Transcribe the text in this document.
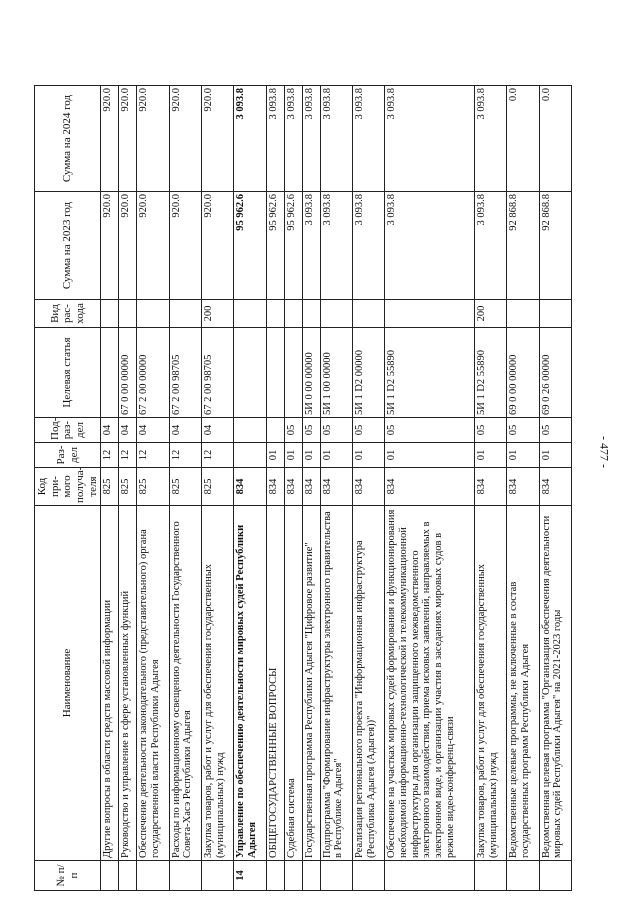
- 477 -
№ п/п	Наименование	Код при-мого получа-теля	Раз-дел	Под-раз-дел	Целевая статья	Вид рас-хода	Сумма на 2023 год	Сумма на 2024 год
	Другие вопросы в области средств массовой информации	825	12	04			920.0	920.0
	Руководство и управление в сфере установленных функций	825	12	04	67 0 00 00000		920.0	920.0
	Обеспечение деятельности законодательного (представительного) органа государственной власти Республики Адыгея	825	12	04	67 2 00 00000		920.0	920.0
	Расходы по информационному освещению деятельности Государственного Совета-Хасэ Республики Адыгея	825	12	04	67 2 00 98705		920.0	920.0
	Закупка товаров, работ и услуг для обеспечения государственных (муниципальных) нужд	825	12	04	67 2 00 98705	200	920.0	920.0
14	Управление по обеспечению деятельности мировых судей Республики Адыгея	834					95 962.6	3 093.8
	ОБЩЕГОСУДАРСТВЕННЫЕ ВОПРОСЫ	834	01				95 962.6	3 093.8
	Судебная система	834	01	05			95 962.6	3 093.8
	Государственная программа Республики Адыгея "Цифровое развитие"	834	01	05	5И 0 00 00000		3 093.8	3 093.8
	Подпрограмма "Формирование инфраструктуры электронного правительства в Республике Адыгея"	834	01	05	5И 1 00 00000		3 093.8	3 093.8
	Реализация регионального проекта "Информационная инфраструктура (Республика Адыгея (Адыгея))"	834	01	05	5И 1 D2 00000		3 093.8	3 093.8
	Обеспечение на участках мировых судей формирования и функционирования необходимой информационно-технологической и телекоммуникационной инфраструктуры для организации защищенного межведомственного электронного взаимодействия, приема исковых заявлений, направляемых в электронном виде, и организации участия в заседаниях мировых судов в режиме видео-конференц-связи	834	01	05	5И 1 D2 55890		3 093.8	3 093.8
	Закупка товаров, работ и услуг для обеспечения государственных (муниципальных) нужд	834	01	05	5И 1 D2 55890	200	3 093.8	3 093.8
	Ведомственные целевые программы, не включенные в состав государственных программ Республики Адыгея	834	01	05	69 0 00 00000		92 868.8	0.0
	Ведомственная целевая программа "Организация обеспечения деятельности мировых судей Республики Адыгея" на 2021-2023 годы	834	01	05	69 0 26 00000		92 868.8	0.0
